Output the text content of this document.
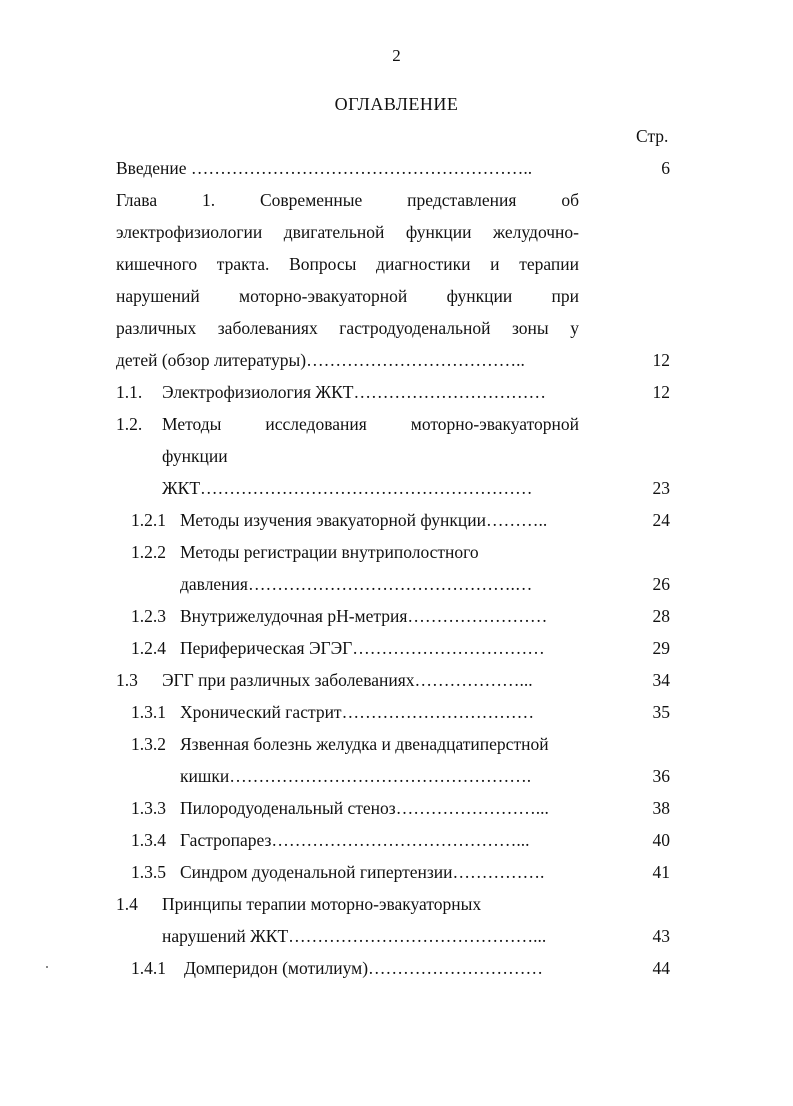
2
ОГЛАВЛЕНИЕ
Стр.
Введение …………………………………………………..	6
Глава 1. Современные представления об
электрофизиологии двигательной функции желудочно-
кишечного тракта. Вопросы диагностики и терапии
нарушений моторно-эвакуаторной функции при
различных заболеваниях гастродуоденальной зоны у
детей (обзор литературы)………………………………..	12
1.1. Электрофизиология ЖКТ……………………………	12
1.2. Методы исследования моторно-эвакуаторной
функции
ЖКТ…………………………………………………	23
1.2.1 Методы изучения эвакуаторной функции………..	24
1.2.2 Методы регистрации внутриполостного
давления……………………………………….…	26
1.2.3 Внутрижелудочная рН-метрия……………………	28
1.2.4 Периферическая ЭГЭГ……………………………	29
1.3 ЭГГ при различных заболеваниях………………...	34
1.3.1 Хронический гастрит……………………………	35
1.3.2 Язвенная болезнь желудка и двенадцатиперстной
кишки…………………………………………….	36
1.3.3 Пилородуоденальный стеноз……………………...	38
1.3.4 Гастропарез……………………………………...	40
1.3.5 Синдром дуоденальной гипертензии…………….	41
1.4 Принципы терапии моторно-эвакуаторных
нарушений ЖКТ……………………………………...	43
1.4.1 Домперидон (мотилиум)…………………………	44
